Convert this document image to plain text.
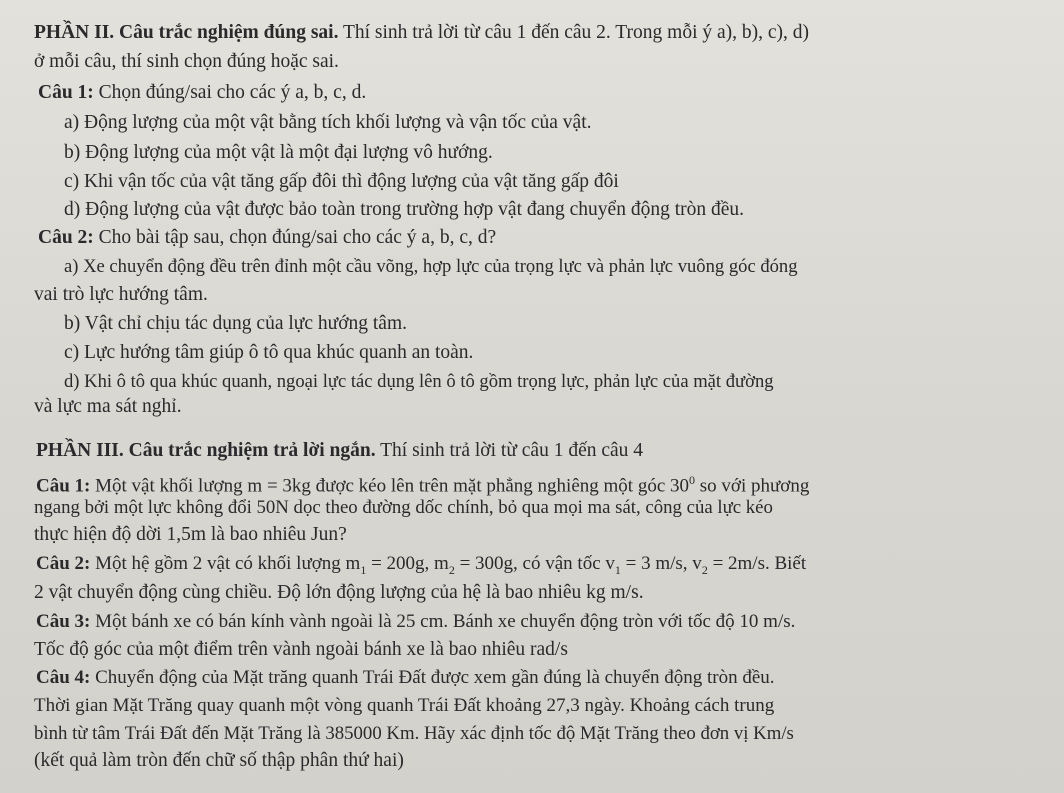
PHẦN II. Câu trắc nghiệm đúng sai. Thí sinh trả lời từ câu 1 đến câu 2. Trong mỗi ý a), b), c), d)
ở mỗi câu, thí sinh chọn đúng hoặc sai.
Câu 1: Chọn đúng/sai cho các ý a, b, c, d.
a) Động lượng của một vật bằng tích khối lượng và vận tốc của vật.
b) Động lượng của một vật là một đại lượng vô hướng.
c) Khi vận tốc của vật tăng gấp đôi thì động lượng của vật tăng gấp đôi
d) Động lượng của vật được bảo toàn trong trường hợp vật đang chuyển động tròn đều.
Câu 2: Cho bài tập sau, chọn đúng/sai cho các ý a, b, c, d?
a) Xe chuyển động đều trên đỉnh một cầu võng, hợp lực của trọng lực và phản lực vuông góc đóng
vai trò lực hướng tâm.
b) Vật chỉ chịu tác dụng của lực hướng tâm.
c) Lực hướng tâm giúp ô tô qua khúc quanh an toàn.
d) Khi ô tô qua khúc quanh, ngoại lực tác dụng lên ô tô gồm trọng lực, phản lực của mặt đường
và lực ma sát nghỉ.
PHẦN III. Câu trắc nghiệm trả lời ngắn. Thí sinh trả lời từ câu 1 đến câu 4
Câu 1: Một vật khối lượng m = 3kg được kéo lên trên mặt phẳng nghiêng một góc $30^0$ so với phương
ngang bởi một lực không đổi 50N dọc theo đường dốc chính, bỏ qua mọi ma sát, công của lực kéo
thực hiện độ dời 1,5m là bao nhiêu Jun?
Câu 2: Một hệ gồm 2 vật có khối lượng $m_1 = 200g$, $m_2 = 300g$, có vận tốc $v_1 = 3$ m/s, $v_2 = 2m/s$. Biết
2 vật chuyển động cùng chiều. Độ lớn động lượng của hệ là bao nhiêu kg m/s.
Câu 3: Một bánh xe có bán kính vành ngoài là 25 cm. Bánh xe chuyển động tròn với tốc độ 10 m/s.
Tốc độ góc của một điểm trên vành ngoài bánh xe là bao nhiêu rad/s
Câu 4: Chuyển động của Mặt trăng quanh Trái Đất được xem gần đúng là chuyển động tròn đều.
Thời gian Mặt Trăng quay quanh một vòng quanh Trái Đất khoảng 27,3 ngày. Khoảng cách trung
bình từ tâm Trái Đất đến Mặt Trăng là 385000 Km. Hãy xác định tốc độ Mặt Trăng theo đơn vị Km/s
(kết quả làm tròn đến chữ số thập phân thứ hai)
